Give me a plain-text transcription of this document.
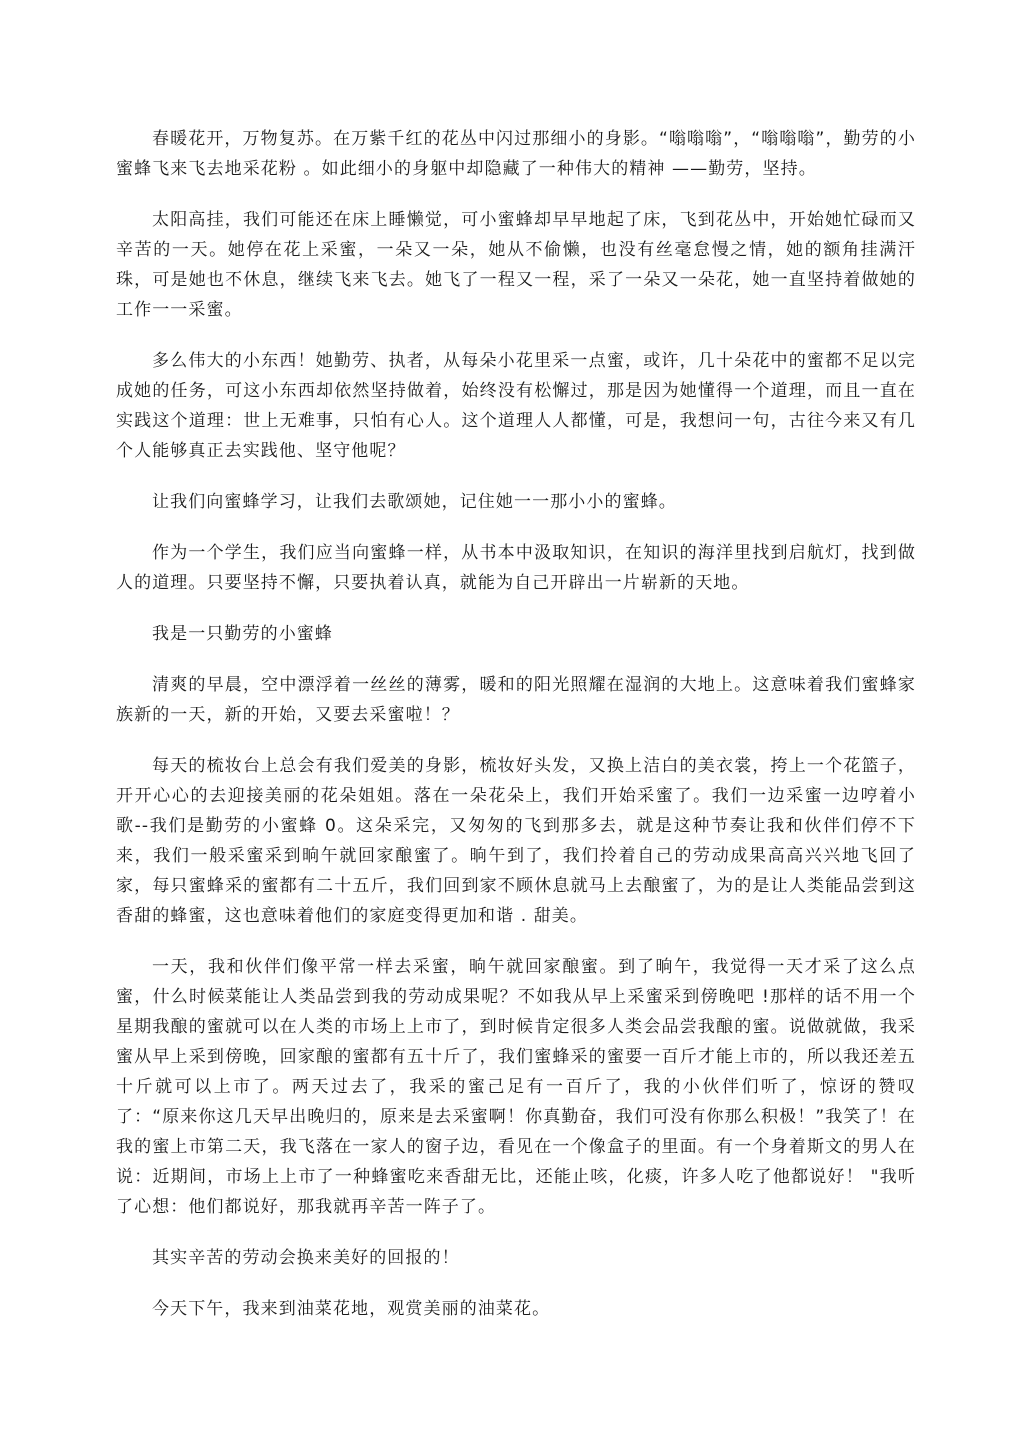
春暖花开，万物复苏。在万紫千红的花丛中闪过那细小的身影。“嗡嗡嗡”，“嗡嗡嗡”，勤劳的小蜜蜂飞来飞去地采花粉 。如此细小的身躯中却隐藏了一种伟大的精神 ——勤劳，坚持。

太阳高挂，我们可能还在床上睡懒觉，可小蜜蜂却早早地起了床，飞到花丛中，开始她忙碌而又辛苦的一天。她停在花上采蜜，一朵又一朵，她从不偷懒，也没有丝毫怠慢之情，她的额角挂满汗珠，可是她也不休息，继续飞来飞去。她飞了一程又一程，采了一朵又一朵花，她一直坚持着做她的工作一一采蜜。

多么伟大的小东西！她勤劳、执者，从每朵小花里采一点蜜，或许，几十朵花中的蜜都不足以完成她的任务，可这小东西却依然坚持做着，始终没有松懈过，那是因为她懂得一个道理，而且一直在实践这个道理：世上无难事，只怕有心人。这个道理人人都懂，可是，我想问一句，古往今来又有几个人能够真正去实践他、坚守他呢？

让我们向蜜蜂学习，让我们去歌颂她，记住她一一那小小的蜜蜂。

作为一个学生，我们应当向蜜蜂一样，从书本中汲取知识，在知识的海洋里找到启航灯，找到做人的道理。只要坚持不懈，只要执着认真，就能为自己开辟出一片崭新的天地。

我是一只勤劳的小蜜蜂

清爽的早晨，空中漂浮着一丝丝的薄雾，暖和的阳光照耀在湿润的大地上。这意味着我们蜜蜂家族新的一天，新的开始，又要去采蜜啦！？

每天的梳妆台上总会有我们爱美的身影，梳妆好头发，又换上洁白的美衣裳，挎上一个花篮子，开开心心的去迎接美丽的花朵姐姐。落在一朵花朵上，我们开始采蜜了。我们一边采蜜一边哼着小歌--我们是勤劳的小蜜蜂 0。这朵采完，又匆匆的飞到那多去，就是这种节奏让我和伙伴们停不下来，我们一般采蜜采到晌午就回家酿蜜了。晌午到了，我们拎着自己的劳动成果高高兴兴地飞回了家，每只蜜蜂采的蜜都有二十五斤，我们回到家不顾休息就马上去酿蜜了，为的是让人类能品尝到这香甜的蜂蜜，这也意味着他们的家庭变得更加和谐 . 甜美。

一天，我和伙伴们像平常一样去采蜜，晌午就回家酿蜜。到了晌午，我觉得一天才采了这么点蜜，什么时候菜能让人类品尝到我的劳动成果呢？不如我从早上采蜜采到傍晚吧 !那样的话不用一个星期我酿的蜜就可以在人类的市场上上市了，到时候肯定很多人类会品尝我酿的蜜。说做就做，我采蜜从早上采到傍晚，回家酿的蜜都有五十斤了，我们蜜蜂采的蜜要一百斤才能上市的，所以我还差五十斤就可以上市了。两天过去了，我采的蜜己足有一百斤了，我的小伙伴们听了，惊讶的赞叹了：“原来你这几天早出晚归的，原来是去采蜜啊！你真勤奋，我们可没有你那么积极！”我笑了！在我的蜜上市第二天，我飞落在一家人的窗子边，看见在一个像盒子的里面。有一个身着斯文的男人在说：近期间，市场上上市了一种蜂蜜吃来香甜无比，还能止咳，化痰，许多人吃了他都说好！ "我听了心想：他们都说好，那我就再辛苦一阵子了。

其实辛苦的劳动会换来美好的回报的！

今天下午，我来到油菜花地，观赏美丽的油菜花。
